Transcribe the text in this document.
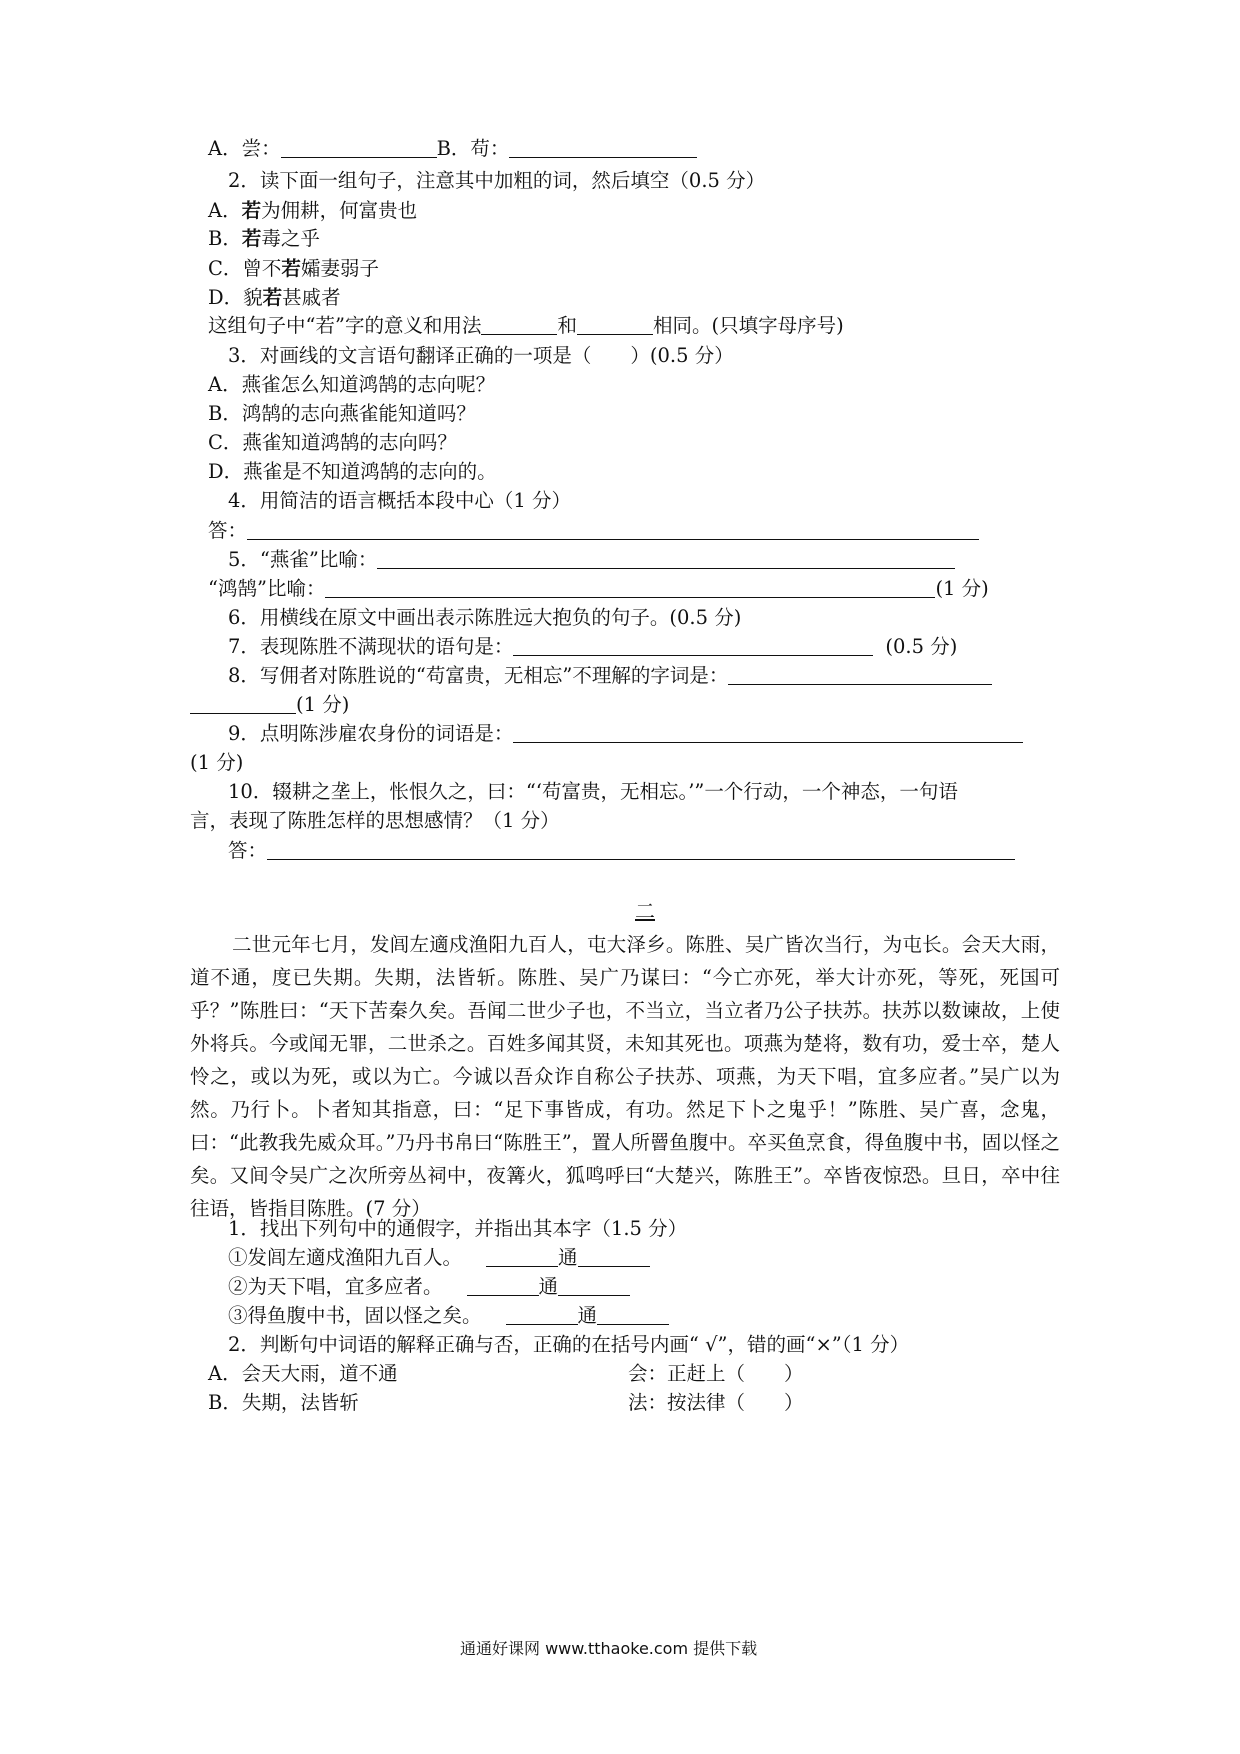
A．尝：	B．苟：
2．读下面一组句子，注意其中加粗的词，然后填空（0.5 分）
A．若为佣耕，何富贵也
B．若毒之乎
C．曾不若孀妻弱子
D．貌若甚戚者
这组句子中“若”字的意义和用法	和	相同。(只填字母序号)
3．对画线的文言语句翻译正确的一项是（　　）(0.5 分）
A．燕雀怎么知道鸿鹄的志向呢？
B．鸿鹄的志向燕雀能知道吗？
C．燕雀知道鸿鹄的志向吗？
D．燕雀是不知道鸿鹄的志向的。
4．用简洁的语言概括本段中心（1 分）
答：
5．“燕雀”比喻：
“鸿鹄”比喻：	(1 分)
6．用横线在原文中画出表示陈胜远大抱负的句子。(0.5 分)
7．表现陈胜不满现状的语句是：	(0.5 分)
8．写佣者对陈胜说的“苟富贵，无相忘”不理解的字词是：
(1 分)
9．点明陈涉雇农身份的词语是：
(1 分)
10．辍耕之垄上，怅恨久之，曰：“‘苟富贵，无相忘。’”一个行动，一个神态，一句语
言，表现了陈胜怎样的思想感情？（1 分）
答：
二
二世元年七月，发闾左適戍渔阳九百人，屯大泽乡。陈胜、吴广皆次当行，为屯长。会天大雨，道不通，度已失期。失期，法皆斩。陈胜、吴广乃谋曰：“今亡亦死，举大计亦死，等死，死国可乎？”陈胜曰：“天下苦秦久矣。吾闻二世少子也，不当立，当立者乃公子扶苏。扶苏以数谏故，上使外将兵。今或闻无罪，二世杀之。百姓多闻其贤，未知其死也。项燕为楚将，数有功，爱士卒，楚人怜之，或以为死，或以为亡。今诚以吾众诈自称公子扶苏、项燕，为天下唱，宜多应者。”吴广以为然。乃行卜。卜者知其指意，曰：“足下事皆成，有功。然足下卜之鬼乎！”陈胜、吴广喜，念鬼，曰：“此教我先威众耳。”乃丹书帛曰“陈胜王”，置人所罾鱼腹中。卒买鱼烹食，得鱼腹中书，固以怪之矣。又间令吴广之次所旁丛祠中，夜篝火，狐鸣呼曰“大楚兴，陈胜王”。卒皆夜惊恐。旦日，卒中往往语，皆指目陈胜。(7 分）
1．找出下列句中的通假字，并指出其本字（1.5 分）
①发闾左適戍渔阳九百人。	通
②为天下唱，宜多应者。	通
③得鱼腹中书，固以怪之矣。	通
2．判断句中词语的解释正确与否，正确的在括号内画“ √”，错的画“×”（1 分）
A．会天大雨，道不通	会：正赶上（　　）
B．失期，法皆斩	法：按法律（　　）
通通好课网 www.tthaoke.com 提供下载
